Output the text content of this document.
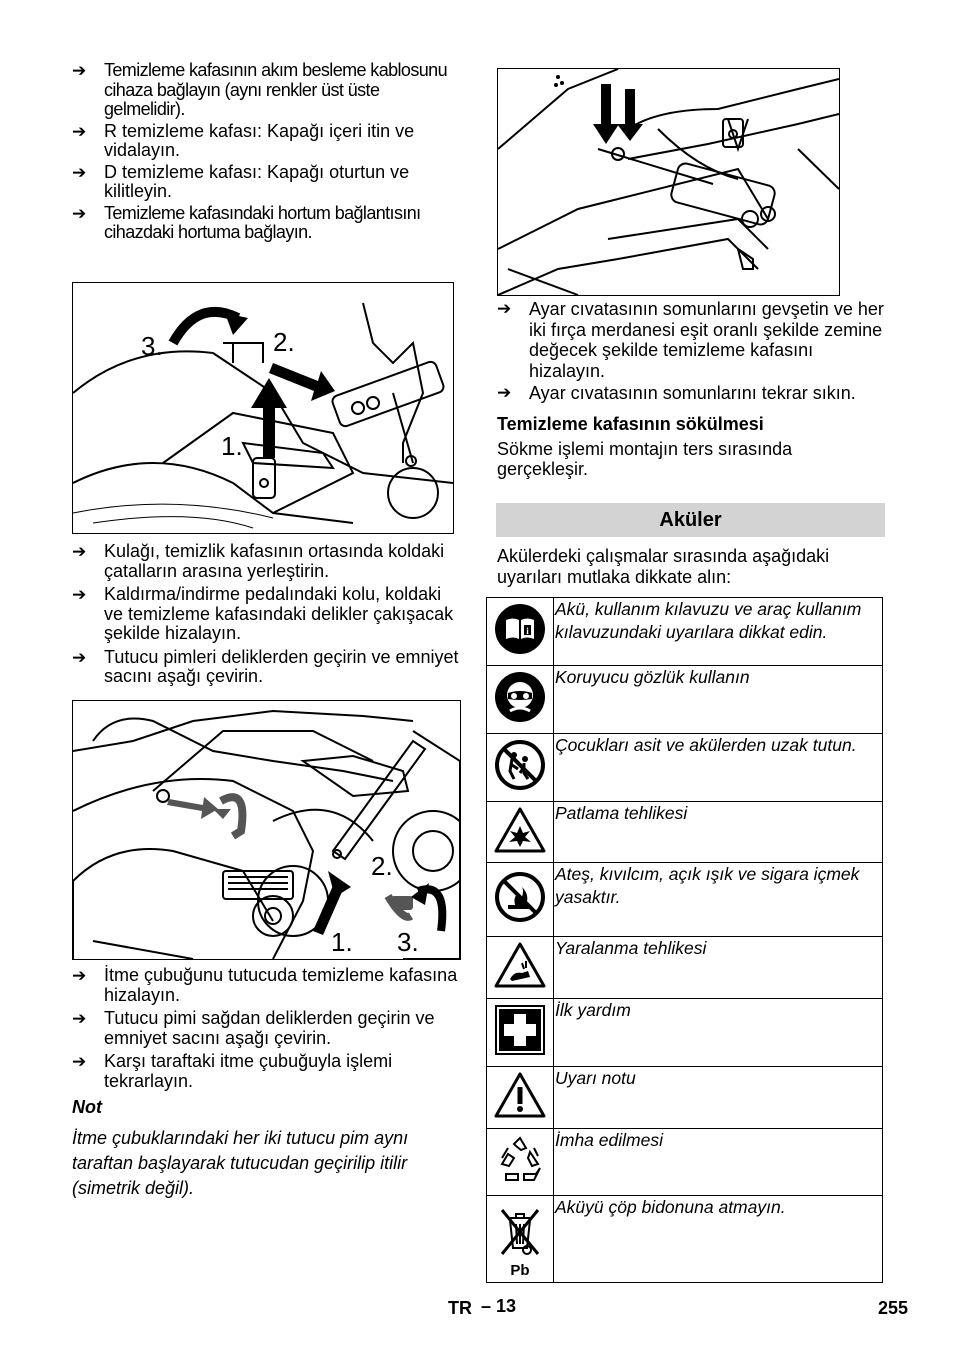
➔	Temizleme kafasının akım besleme kablosunu cihaza bağlayın (aynı renkler üst üste gelmelidir).

➔ R temizleme kafası: Kapağı içeri itin ve vidalayın.

➔ D temizleme kafası: Kapağı oturtun ve kilitleyin.

➔	Temizleme kafasındaki hortum bağlantısını cihazdaki hortuma bağlayın.

3.	2.
1.

➔ Kulağı, temizlik kafasının ortasında koldaki çatalların arasına yerleştirin.

➔ Kaldırma/indirme pedalındaki kolu, koldaki ve temizleme kafasındaki delikler çakışacak şekilde hizalayın.

➔ Tutucu pimleri deliklerden geçirin ve emniyet sacını aşağı çevirin.

2.
1. 3.

➔ İtme çubuğunu tutucuda temizleme kafasına hizalayın.

➔ Tutucu pimi sağdan deliklerden geçirin ve emniyet sacını aşağı çevirin.

➔ Karşı taraftaki itme çubuğuyla işlemi tekrarlayın.

Not
İtme çubuklarındaki her iki tutucu pim aynı taraftan başlayarak tutucudan geçirilip itilir (simetrik değil).

➔ Ayar cıvatasının somunlarını gevşetin ve her iki fırça merdanesi eşit oranlı şekilde zemine değecek şekilde temizleme kafasını hizalayın.

➔ Ayar cıvatasının somunlarını tekrar sıkın.

Temizleme kafasının sökülmesi
Sökme işlemi montajın ters sırasında gerçekleşir.
Aküler
Akülerdeki çalışmalar sırasında aşağıdaki uyarıları mutlaka dikkate alın:
i	Akü, kullanım kılavuzu ve araç kullanım kılavuzundaki uyarılara dikkat edin.
	Koruyucu gözlük kullanın
	Çocukları asit ve akülerden uzak tutun.
	Patlama tehlikesi
	Ateş, kıvılcım, açık ışık ve sigara içmek yasaktır.
	Yaralanma tehlikesi
	İlk yardım
	Uyarı notu
	İmha edilmesi

Pb	Aküyü çöp bidonuna atmayın.
TR – 13	255
